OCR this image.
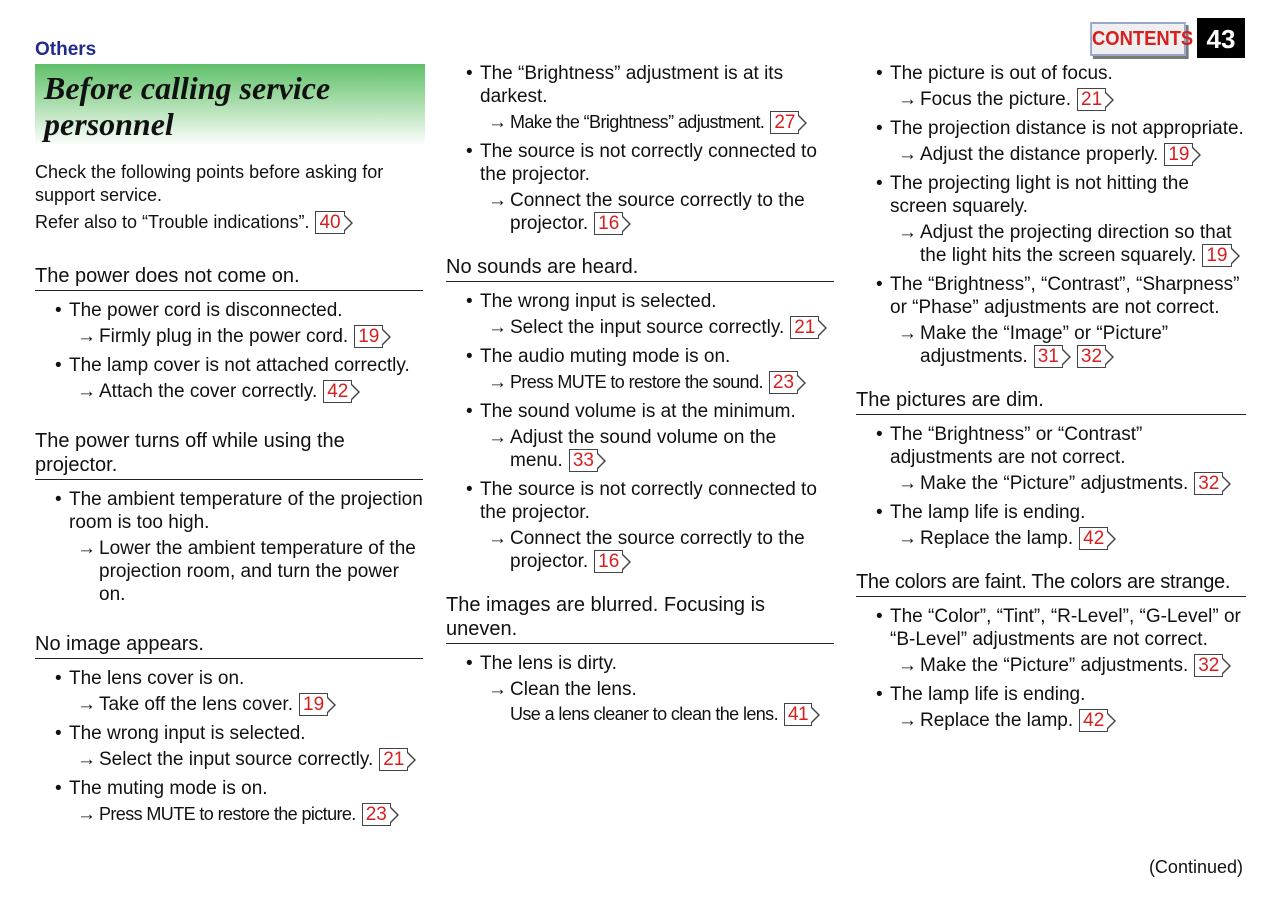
Others
Before calling service personnel
CONTENTS 43
Check the following points before asking for support service.
Refer also to “Trouble indications”. 40
The power does not come on.
• The power cord is disconnected.
→ Firmly plug in the power cord. 19
• The lamp cover is not attached correctly.
→ Attach the cover correctly. 42
The power turns off while using the projector.
• The ambient temperature of the projection room is too high.
→ Lower the ambient temperature of the projection room, and turn the power on.
No image appears.
• The lens cover is on.
→ Take off the lens cover. 19
• The wrong input is selected.
→ Select the input source correctly. 21
• The muting mode is on.
→ Press MUTE to restore the picture. 23
• The “Brightness” adjustment is at its darkest.
→ Make the “Brightness” adjustment. 27
• The source is not correctly connected to the projector.
→ Connect the source correctly to the projector. 16
No sounds are heard.
• The wrong input is selected.
→ Select the input source correctly. 21
• The audio muting mode is on.
→ Press MUTE to restore the sound. 23
• The sound volume is at the minimum.
→ Adjust the sound volume on the menu. 33
• The source is not correctly connected to the projector.
→ Connect the source correctly to the projector. 16
The images are blurred. Focusing is uneven.
• The lens is dirty.
→ Clean the lens.
Use a lens cleaner to clean the lens. 41
• The picture is out of focus.
→ Focus the picture. 21
• The projection distance is not appropriate.
→ Adjust the distance properly. 19
• The projecting light is not hitting the screen squarely.
→ Adjust the projecting direction so that the light hits the screen squarely. 19
• The “Brightness”, “Contrast”, “Sharpness” or “Phase” adjustments are not correct.
→ Make the “Image” or “Picture” adjustments. 31 32
The pictures are dim.
• The “Brightness” or “Contrast” adjustments are not correct.
→ Make the “Picture” adjustments. 32
• The lamp life is ending.
→ Replace the lamp. 42
The colors are faint. The colors are strange.
• The “Color”, “Tint”, “R-Level”, “G-Level” or “B-Level” adjustments are not correct.
→ Make the “Picture” adjustments. 32
• The lamp life is ending.
→ Replace the lamp. 42
(Continued)
